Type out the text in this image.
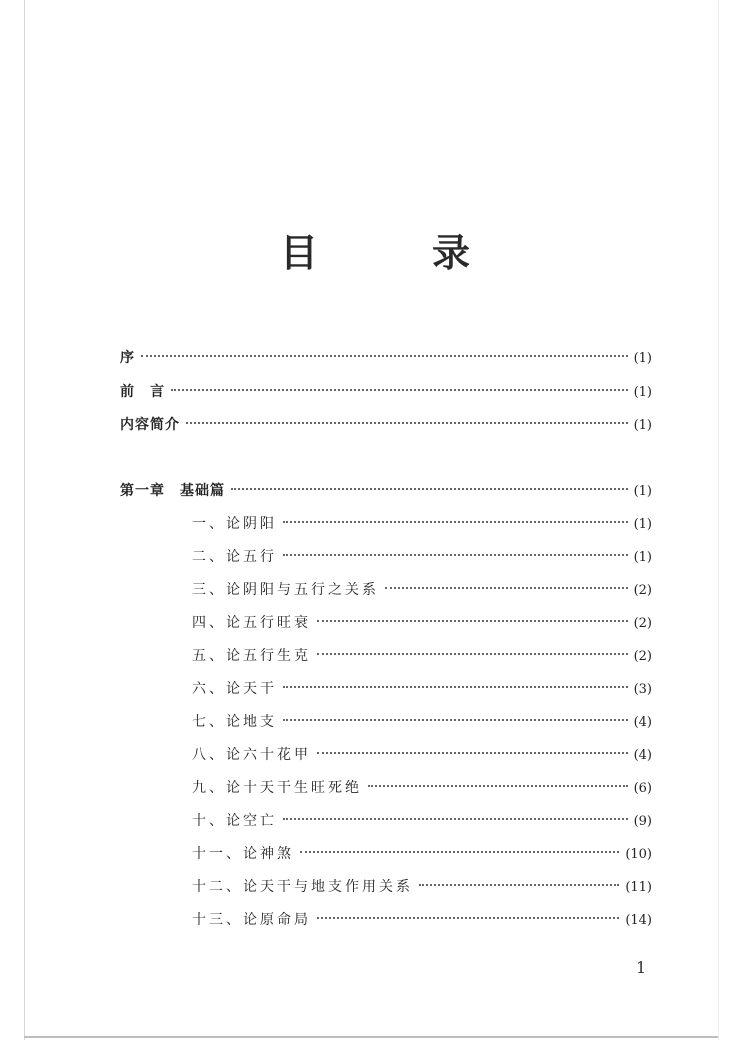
目　录
序	(1)
前　言	(1)
内容简介	(1)
第一章　基础篇	(1)
一、论阴阳	(1)
二、论五行	(1)
三、论阴阳与五行之关系	(2)
四、论五行旺衰	(2)
五、论五行生克	(2)
六、论天干	(3)
七、论地支	(4)
八、论六十花甲	(4)
九、论十天干生旺死绝	(6)
十、论空亡	(9)
十一、论神煞	(10)
十二、论天干与地支作用关系	(11)
十三、论原命局	(14)
1
